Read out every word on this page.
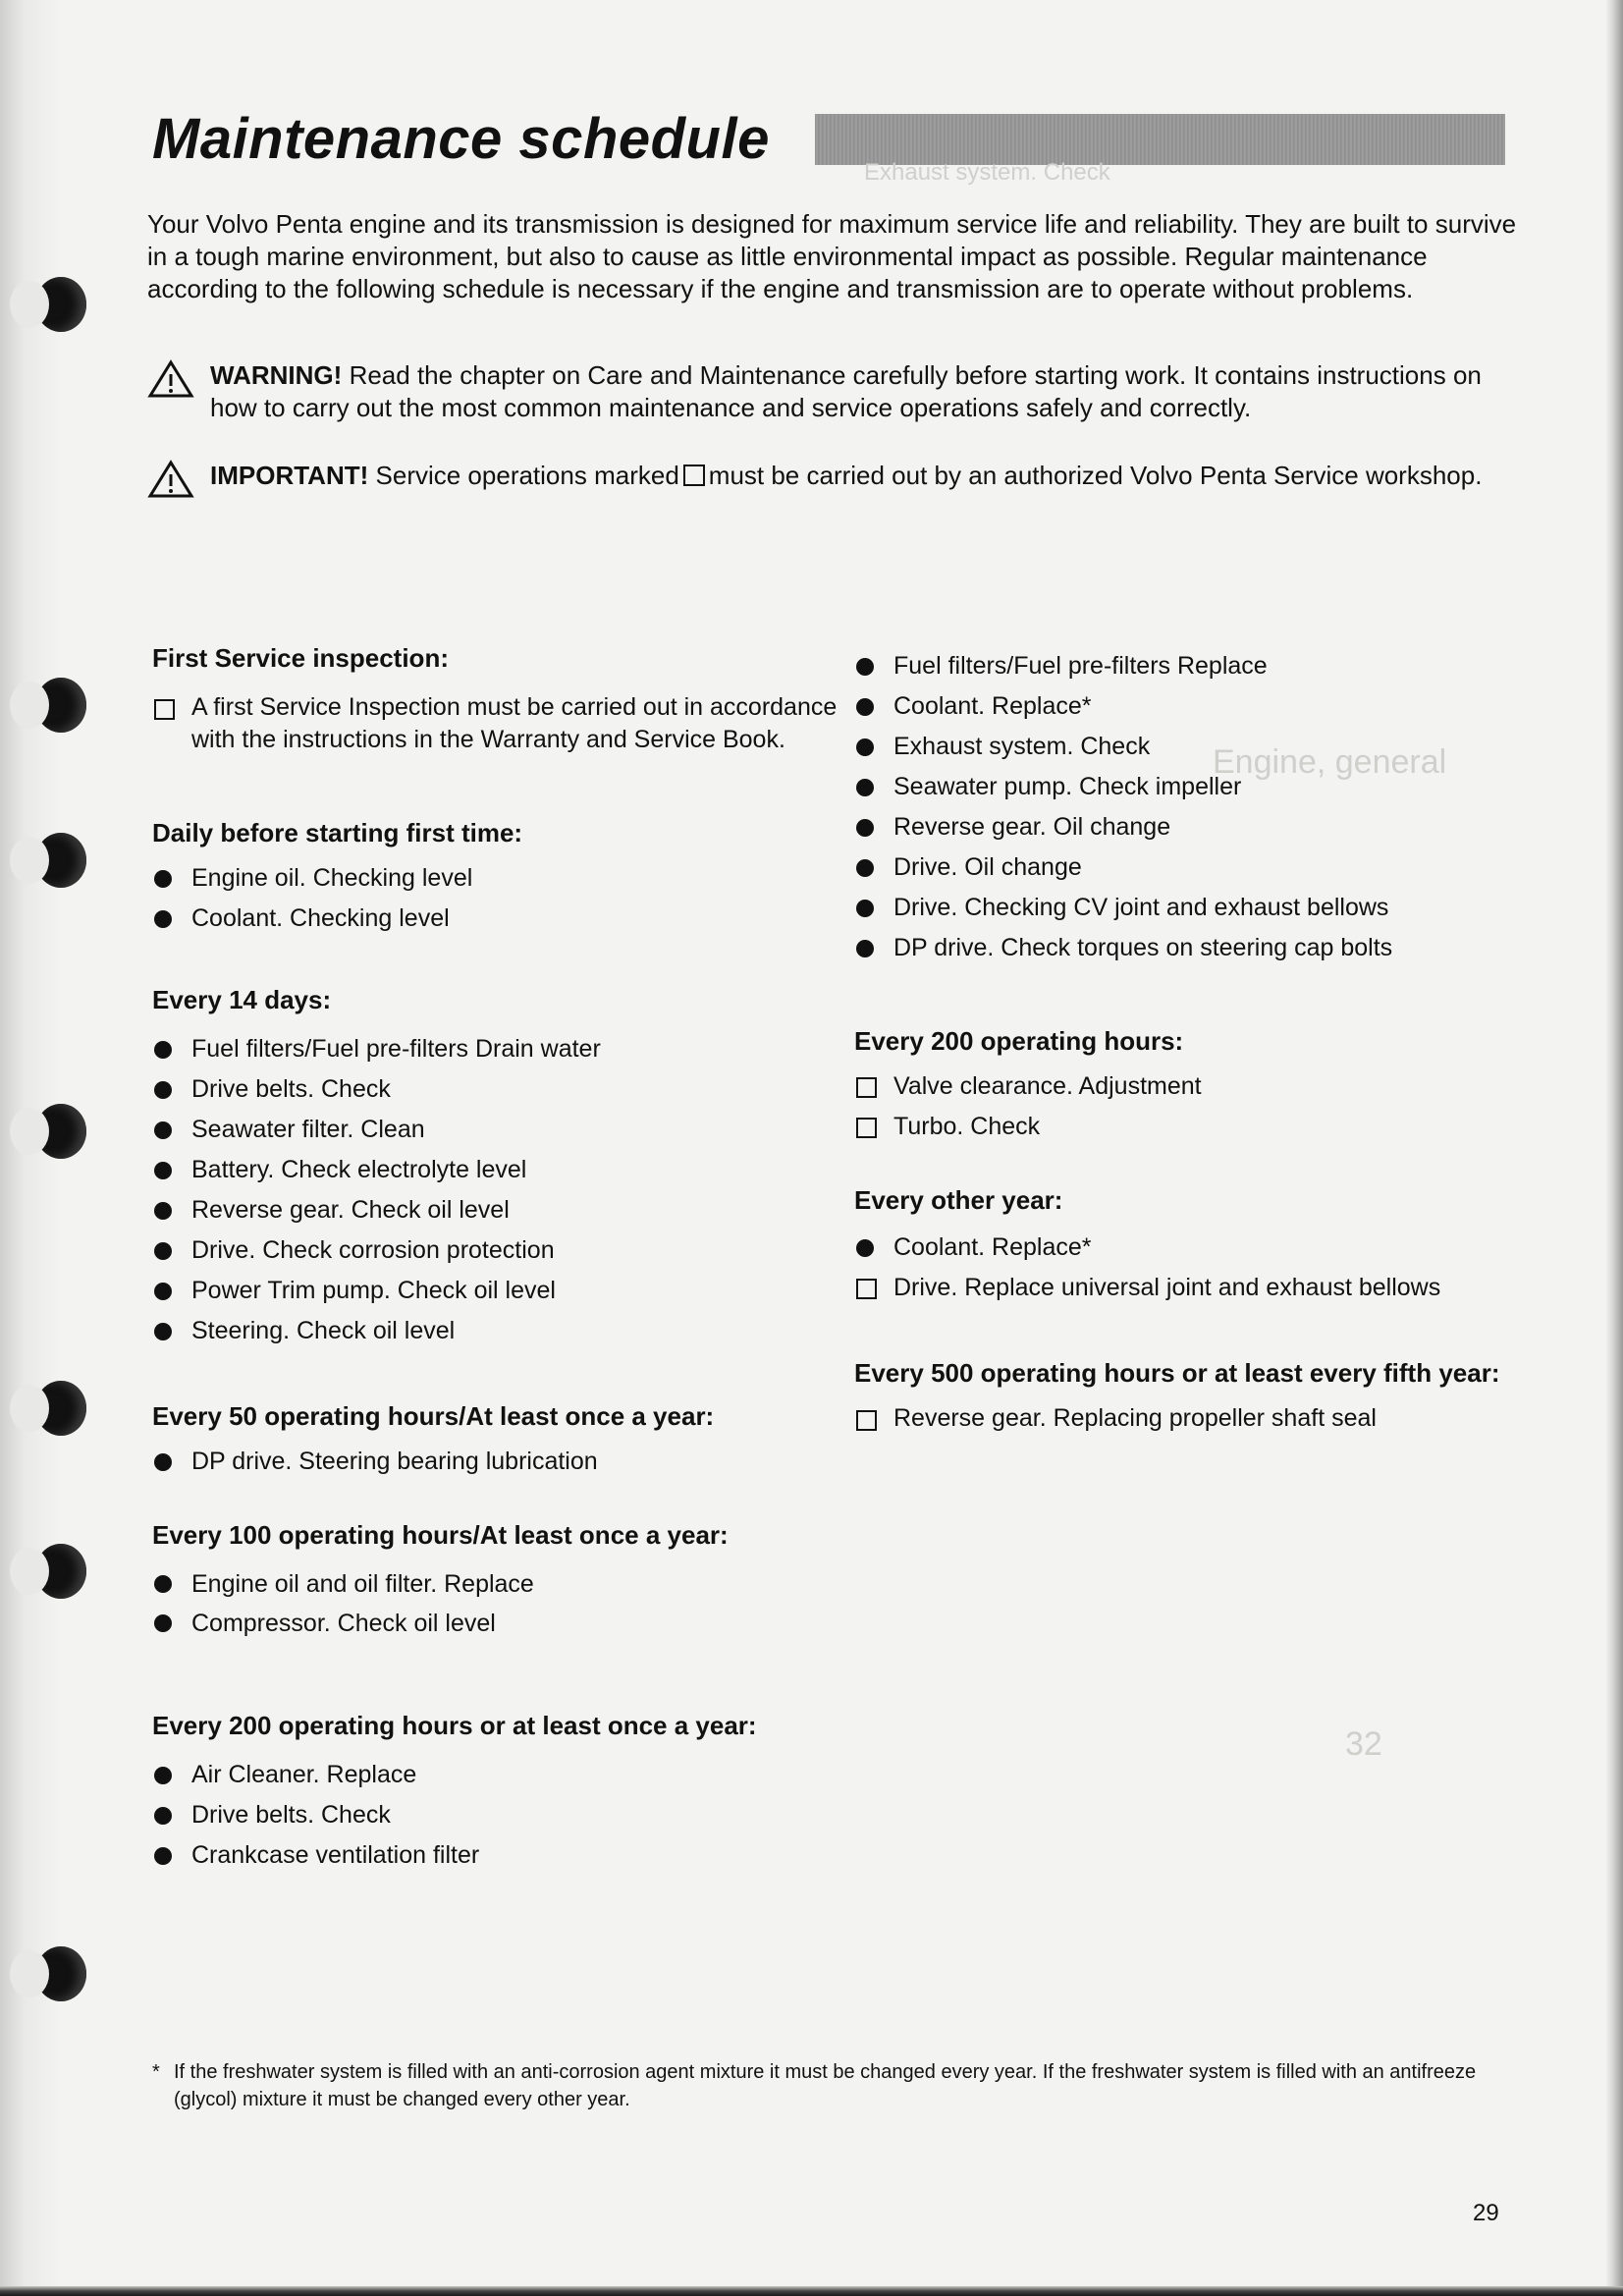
Maintenance schedule

Your Volvo Penta engine and its transmission is designed for maximum service life and reliability. They are built to survive in a tough marine environment, but also to cause as little environmental impact as possible. Regular maintenance according to the following schedule is necessary if the engine and transmission are to operate without problems.

WARNING! Read the chapter on Care and Maintenance carefully before starting work. It contains instructions on how to carry out the most common maintenance and service operations safely and correctly.
IMPORTANT! Service operations marked must be carried out by an authorized Volvo Penta Service workshop.
Exhaust system. Check
Engine, general
32
First Service inspection:

A first Service Inspection must be carried out in accordance with the instructions in the Warranty and Service Book.

Daily before starting first time:

Engine oil. Checking level

Coolant. Checking level

Every 14 days:

Fuel filters/Fuel pre-filters Drain water

Drive belts. Check

Seawater filter. Clean

Battery. Check electrolyte level

Reverse gear. Check oil level

Drive. Check corrosion protection

Power Trim pump. Check oil level

Steering. Check oil level

Every 50 operating hours/At least once a year:

DP drive. Steering bearing lubrication

Every 100 operating hours/At least once a year:

Engine oil and oil filter. Replace

Compressor. Check oil level

Every 200 operating hours or at least once a year:

Air Cleaner. Replace

Drive belts. Check

Crankcase ventilation filter

Fuel filters/Fuel pre-filters Replace

Coolant. Replace*

Exhaust system. Check

Seawater pump. Check impeller

Reverse gear. Oil change

Drive. Oil change

Drive. Checking CV joint and exhaust bellows

DP drive. Check torques on steering cap bolts

Every 200 operating hours:

Valve clearance. Adjustment

Turbo. Check

Every other year:

Coolant. Replace*

Drive. Replace universal joint and exhaust bellows

Every 500 operating hours or at least every fifth year:

Reverse gear. Replacing propeller shaft seal

* If the freshwater system is filled with an anti-corrosion agent mixture it must be changed every year. If the freshwater system is filled with an antifreeze (glycol) mixture it must be changed every other year.
29
